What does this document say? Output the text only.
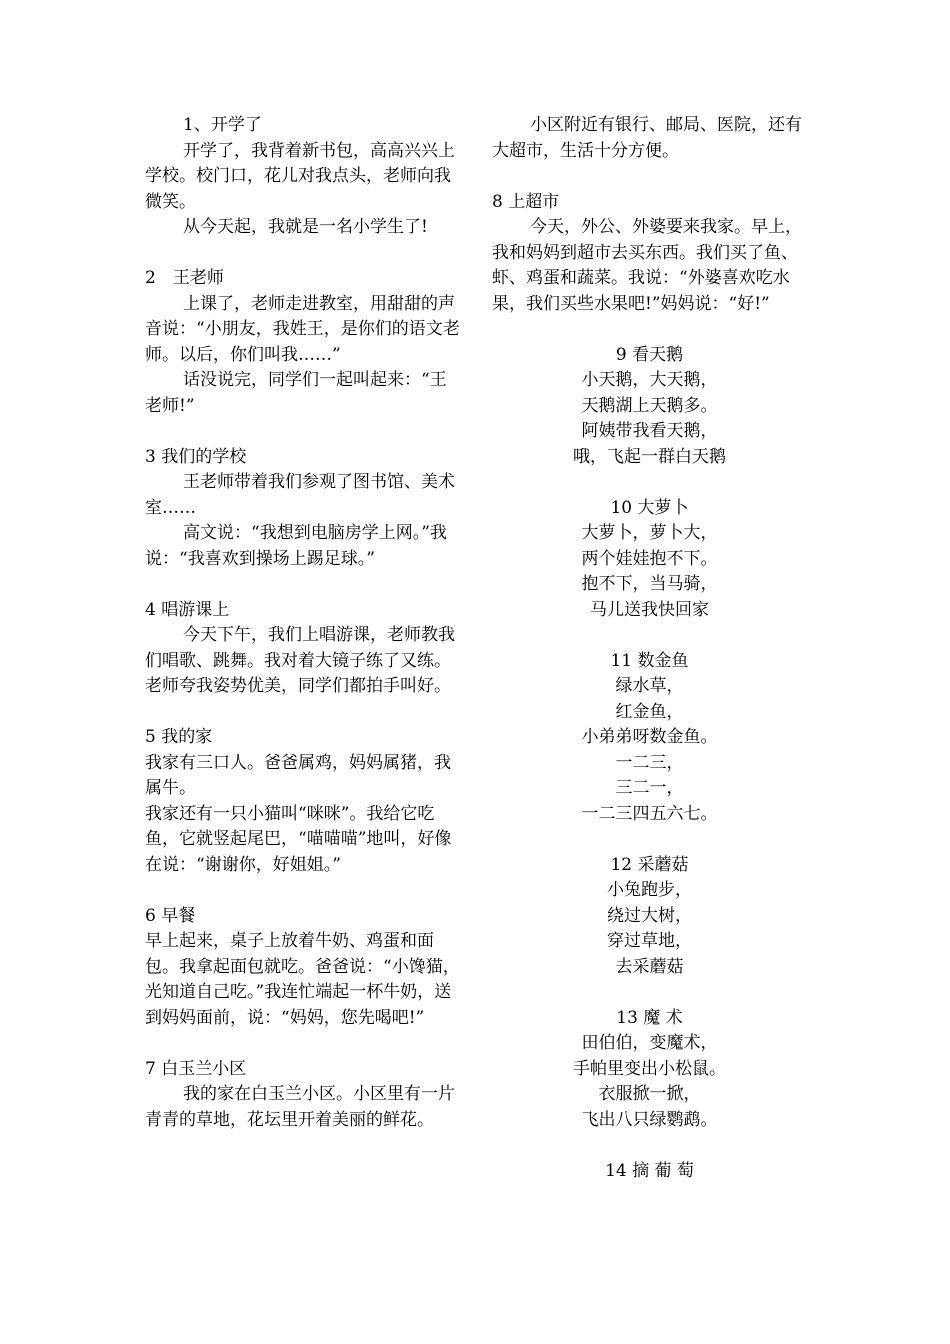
1、开学了

开学了，我背着新书包，高高兴兴上学校。校门口，花儿对我点头，老师向我微笑。

从今天起，我就是一名小学生了!

2　王老师

上课了，老师走进教室，用甜甜的声音说：“小朋友，我姓王，是你们的语文老师。以后，你们叫我……”

话没说完，同学们一起叫起来：“王老师!”

3 我们的学校

王老师带着我们参观了图书馆、美术室……

高文说：“我想到电脑房学上网。”我说：“我喜欢到操场上踢足球。”

4 唱游课上

今天下午，我们上唱游课，老师教我们唱歌、跳舞。我对着大镜子练了又练。老师夸我姿势优美，同学们都拍手叫好。

5 我的家

我家有三口人。爸爸属鸡，妈妈属猪，我属牛。

我家还有一只小猫叫“咪咪”。我给它吃鱼，它就竖起尾巴，“喵喵喵”地叫，好像在说：“谢谢你，好姐姐。”

6 早餐

早上起来，桌子上放着牛奶、鸡蛋和面包。我拿起面包就吃。爸爸说：“小馋猫，光知道自己吃。”我连忙端起一杯牛奶，送到妈妈面前，说：“妈妈，您先喝吧!”

7 白玉兰小区

我的家在白玉兰小区。小区里有一片青青的草地，花坛里开着美丽的鲜花。

小区附近有银行、邮局、医院，还有大超市，生活十分方便。

8 上超市

今天，外公、外婆要来我家。早上，我和妈妈到超市去买东西。我们买了鱼、虾、鸡蛋和蔬菜。我说：“外婆喜欢吃水果，我们买些水果吧!”妈妈说：“好!”

9 看天鹅

小天鹅，大天鹅，

天鹅湖上天鹅多。

阿姨带我看天鹅，

哦，飞起一群白天鹅

10 大萝卜

大萝卜，萝卜大，

两个娃娃抱不下。

抱不下，当马骑，

马儿送我快回家

11 数金鱼

绿水草，

红金鱼，

小弟弟呀数金鱼。

一二三，

三二一，

一二三四五六七。

12 采蘑菇

小兔跑步，

绕过大树，

穿过草地，

去采蘑菇

13 魔 术

田伯伯，变魔术，

手帕里变出小松鼠。

衣服掀一掀，

飞出八只绿鹦鹉。

14 摘 葡 萄
